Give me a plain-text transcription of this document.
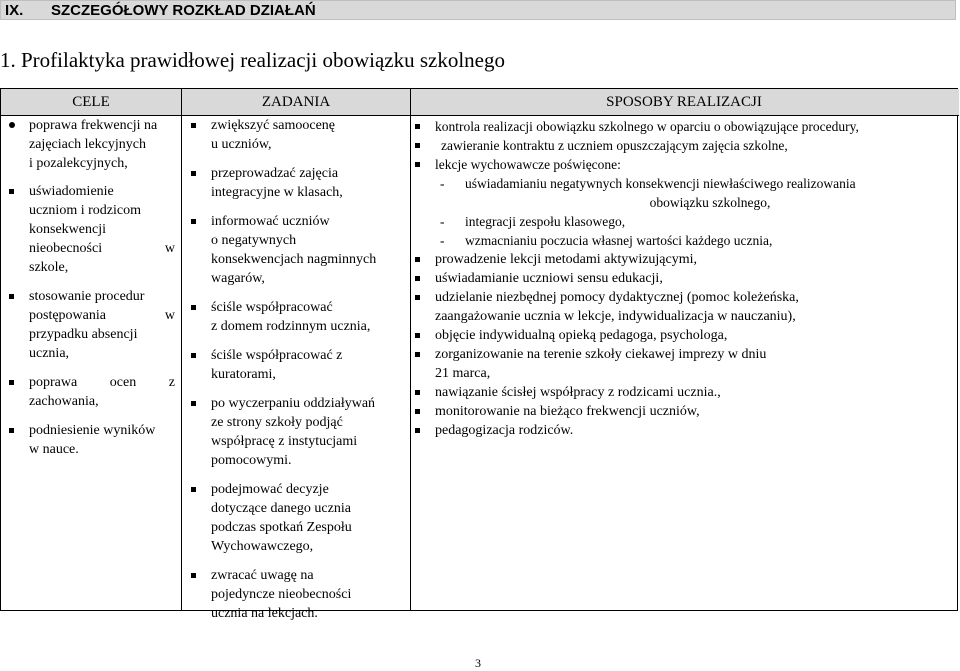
IX. SZCZEGÓŁOWY ROZKŁAD DZIAŁAŃ
1. Profilaktyka prawidłowej realizacji obowiązku szkolnego
CELE	ZADANIA	SPOSOBY REALIZACJI
poprawa frekwencji na
zajęciach lekcyjnych
i pozalekcyjnych,
uświadomienie
uczniom i rodzicom
konsekwencji
nieobecności w
szkole,
stosowanie procedur
postępowania w
przypadku absencji
ucznia,
poprawa ocen z
zachowania,
podniesienie wyników
w nauce.
zwiększyć samoocenę
u uczniów,
przeprowadzać zajęcia
integracyjne w klasach,
informować uczniów
o negatywnych
konsekwencjach nagminnych
wagarów,
ściśle współpracować
z domem rodzinnym ucznia,
ściśle współpracować z
kuratorami,
po wyczerpaniu oddziaływań
ze strony szkoły podjąć
współpracę z instytucjami
pomocowymi.
podejmować decyzje
dotyczące danego ucznia
podczas spotkań Zespołu
Wychowawczego,
zwracać uwagę na
pojedyncze nieobecności
ucznia na lekcjach.
kontrola realizacji obowiązku szkolnego w oparciu o obowiązujące procedury,
zawieranie kontraktu z uczniem opuszczającym zajęcia szkolne,
lekcje wychowawcze poświęcone:
- uświadamianiu negatywnych konsekwencji niewłaściwego realizowania
obowiązku szkolnego,
- integracji zespołu klasowego,
- wzmacnianiu poczucia własnej wartości każdego ucznia,
prowadzenie lekcji metodami aktywizującymi,
uświadamianie uczniowi sensu edukacji,
udzielanie niezbędnej pomocy dydaktycznej (pomoc koleżeńska,
zaangażowanie ucznia w lekcje, indywidualizacja w nauczaniu),
objęcie indywidualną opieką pedagoga, psychologa,
zorganizowanie na terenie szkoły ciekawej imprezy w dniu
21 marca,
nawiązanie ścisłej współpracy z rodzicami ucznia.,
monitorowanie na bieżąco frekwencji uczniów,
pedagogizacja rodziców.
3
